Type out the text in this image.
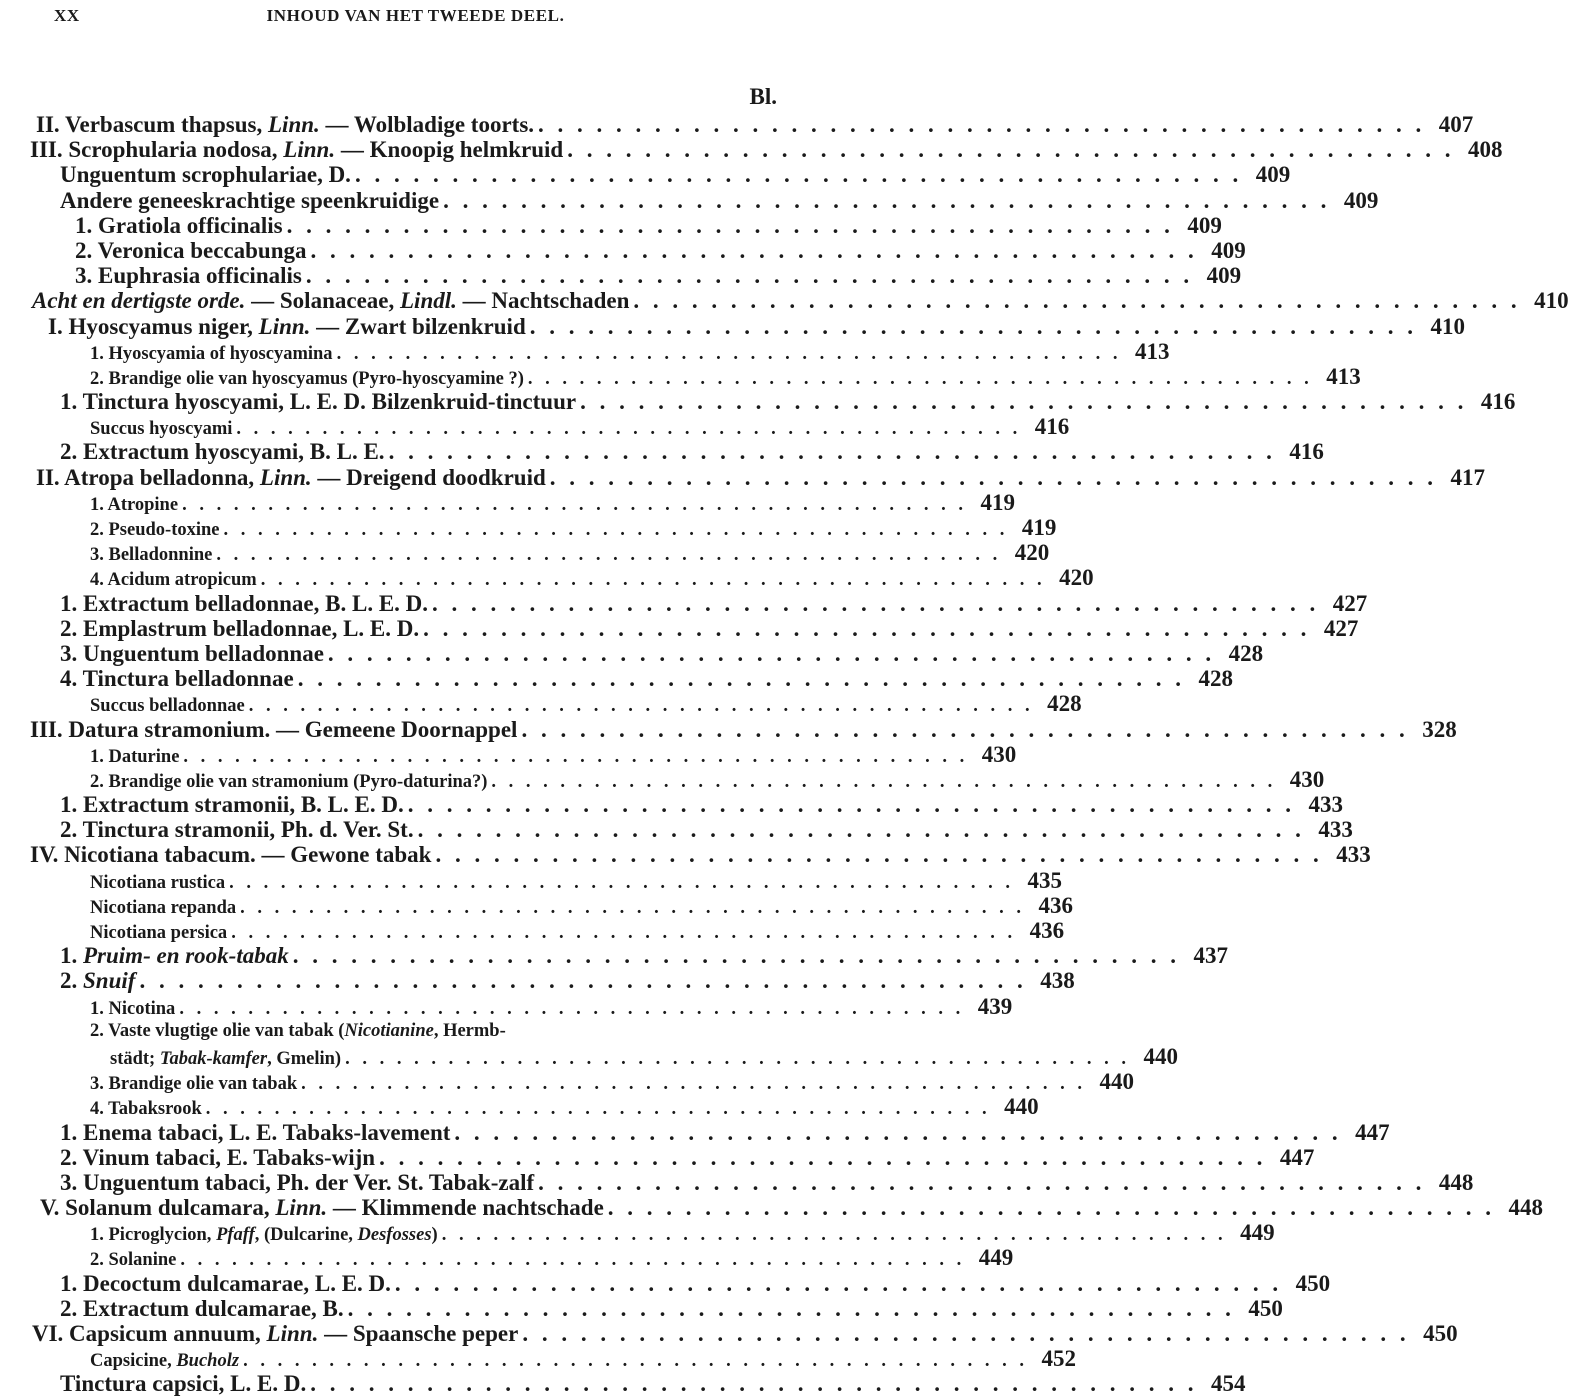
XX	INHOUD VAN HET TWEEDE DEEL.
Bl.
II. Verbascum thapsus, Linn. — Wolbladige toorts. . . . . . . . . . . . . . . . . . . . . . . . . . . . . . . . . . . . . . . . . . . . . . . 407
III. Scrophularia nodosa, Linn. — Knoopig helmkruid . . . . . . . . . . . . . . . . . . . . . . . . . . . . . . . . . . . . . . . . . . . . . . 408
Unguentum scrophulariae, D. . . . . . . . . . . . . . . . . . . . . . . . . . . . . . . . . . . . . . . . . . . . . . . 409
Andere geneeskrachtige speenkruidige . . . . . . . . . . . . . . . . . . . . . . . . . . . . . . . . . . . . . . . . . . . . . . 409
1. Gratiola officinalis . . . . . . . . . . . . . . . . . . . . . . . . . . . . . . . . . . . . . . . . . . . . . . 409
2. Veronica beccabunga . . . . . . . . . . . . . . . . . . . . . . . . . . . . . . . . . . . . . . . . . . . . . . 409
3. Euphrasia officinalis . . . . . . . . . . . . . . . . . . . . . . . . . . . . . . . . . . . . . . . . . . . . . . 409
Acht en dertigste orde. — Solanaceae, Lindl. — Nachtschaden . . . . . . . . . . . . . . . . . . . . . . . . . . . . . . . . . . . . . . . . . . . . . . 410
I. Hyoscyamus niger, Linn. — Zwart bilzenkruid . . . . . . . . . . . . . . . . . . . . . . . . . . . . . . . . . . . . . . . . . . . . . . 410
1. Hyoscyamia of hyoscyamina . . . . . . . . . . . . . . . . . . . . . . . . . . . . . . . . . . . . . . . . . . . . . . 413
2. Brandige olie van hyoscyamus (Pyro-hyoscyamine ?) . . . . . . . . . . . . . . . . . . . . . . . . . . . . . . . . . . . . . . . . . . . . . . 413
1. Tinctura hyoscyami, L. E. D. Bilzenkruid-tinctuur . . . . . . . . . . . . . . . . . . . . . . . . . . . . . . . . . . . . . . . . . . . . . . 416
Succus hyoscyami . . . . . . . . . . . . . . . . . . . . . . . . . . . . . . . . . . . . . . . . . . . . . . 416
2. Extractum hyoscyami, B. L. E. . . . . . . . . . . . . . . . . . . . . . . . . . . . . . . . . . . . . . . . . . . . . . . 416
II. Atropa belladonna, Linn. — Dreigend doodkruid . . . . . . . . . . . . . . . . . . . . . . . . . . . . . . . . . . . . . . . . . . . . . . 417
1. Atropine . . . . . . . . . . . . . . . . . . . . . . . . . . . . . . . . . . . . . . . . . . . . . . 419
2. Pseudo-toxine . . . . . . . . . . . . . . . . . . . . . . . . . . . . . . . . . . . . . . . . . . . . . . 419
3. Belladonnine . . . . . . . . . . . . . . . . . . . . . . . . . . . . . . . . . . . . . . . . . . . . . . 420
4. Acidum atropicum . . . . . . . . . . . . . . . . . . . . . . . . . . . . . . . . . . . . . . . . . . . . . . 420
1. Extractum belladonnae, B. L. E. D. . . . . . . . . . . . . . . . . . . . . . . . . . . . . . . . . . . . . . . . . . . . . . . 427
2. Emplastrum belladonnae, L. E. D. . . . . . . . . . . . . . . . . . . . . . . . . . . . . . . . . . . . . . . . . . . . . . . 427
3. Unguentum belladonnae . . . . . . . . . . . . . . . . . . . . . . . . . . . . . . . . . . . . . . . . . . . . . . 428
4. Tinctura belladonnae . . . . . . . . . . . . . . . . . . . . . . . . . . . . . . . . . . . . . . . . . . . . . . 428
Succus belladonnae . . . . . . . . . . . . . . . . . . . . . . . . . . . . . . . . . . . . . . . . . . . . . . 428
III. Datura stramonium. — Gemeene Doornappel . . . . . . . . . . . . . . . . . . . . . . . . . . . . . . . . . . . . . . . . . . . . . . 328
1. Daturine . . . . . . . . . . . . . . . . . . . . . . . . . . . . . . . . . . . . . . . . . . . . . . 430
2. Brandige olie van stramonium (Pyro-daturina?) . . . . . . . . . . . . . . . . . . . . . . . . . . . . . . . . . . . . . . . . . . . . . . 430
1. Extractum stramonii, B. L. E. D. . . . . . . . . . . . . . . . . . . . . . . . . . . . . . . . . . . . . . . . . . . . . . . 433
2. Tinctura stramonii, Ph. d. Ver. St. . . . . . . . . . . . . . . . . . . . . . . . . . . . . . . . . . . . . . . . . . . . . . . 433
IV. Nicotiana tabacum. — Gewone tabak . . . . . . . . . . . . . . . . . . . . . . . . . . . . . . . . . . . . . . . . . . . . . . 433
Nicotiana rustica . . . . . . . . . . . . . . . . . . . . . . . . . . . . . . . . . . . . . . . . . . . . . . 435
Nicotiana repanda . . . . . . . . . . . . . . . . . . . . . . . . . . . . . . . . . . . . . . . . . . . . . . 436
Nicotiana persica . . . . . . . . . . . . . . . . . . . . . . . . . . . . . . . . . . . . . . . . . . . . . . 436
1. Pruim- en rook-tabak . . . . . . . . . . . . . . . . . . . . . . . . . . . . . . . . . . . . . . . . . . . . . . 437
2. Snuif . . . . . . . . . . . . . . . . . . . . . . . . . . . . . . . . . . . . . . . . . . . . . . 438
1. Nicotina . . . . . . . . . . . . . . . . . . . . . . . . . . . . . . . . . . . . . . . . . . . . . . 439
2. Vaste vlugtige olie van tabak (Nicotianine, Hermb-
städt; Tabak-kamfer, Gmelin) . . . . . . . . . . . . . . . . . . . . . . . . . . . . . . . . . . . . . . . . . . . . . . 440
3. Brandige olie van tabak . . . . . . . . . . . . . . . . . . . . . . . . . . . . . . . . . . . . . . . . . . . . . . 440
4. Tabaksrook . . . . . . . . . . . . . . . . . . . . . . . . . . . . . . . . . . . . . . . . . . . . . . 440
1. Enema tabaci, L. E. Tabaks-lavement . . . . . . . . . . . . . . . . . . . . . . . . . . . . . . . . . . . . . . . . . . . . . . 447
2. Vinum tabaci, E. Tabaks-wijn . . . . . . . . . . . . . . . . . . . . . . . . . . . . . . . . . . . . . . . . . . . . . . 447
3. Unguentum tabaci, Ph. der Ver. St. Tabak-zalf . . . . . . . . . . . . . . . . . . . . . . . . . . . . . . . . . . . . . . . . . . . . . . 448
V. Solanum dulcamara, Linn. — Klimmende nachtschade . . . . . . . . . . . . . . . . . . . . . . . . . . . . . . . . . . . . . . . . . . . . . . 448
1. Picroglycion, Pfaff, (Dulcarine, Desfosses) . . . . . . . . . . . . . . . . . . . . . . . . . . . . . . . . . . . . . . . . . . . . . . 449
2. Solanine . . . . . . . . . . . . . . . . . . . . . . . . . . . . . . . . . . . . . . . . . . . . . . 449
1. Decoctum dulcamarae, L. E. D. . . . . . . . . . . . . . . . . . . . . . . . . . . . . . . . . . . . . . . . . . . . . . . 450
2. Extractum dulcamarae, B. . . . . . . . . . . . . . . . . . . . . . . . . . . . . . . . . . . . . . . . . . . . . . . 450
VI. Capsicum annuum, Linn. — Spaansche peper . . . . . . . . . . . . . . . . . . . . . . . . . . . . . . . . . . . . . . . . . . . . . . 450
Capsicine, Bucholz . . . . . . . . . . . . . . . . . . . . . . . . . . . . . . . . . . . . . . . . . . . . . . 452
Tinctura capsici, L. E. D. . . . . . . . . . . . . . . . . . . . . . . . . . . . . . . . . . . . . . . . . . . . . . . 454
